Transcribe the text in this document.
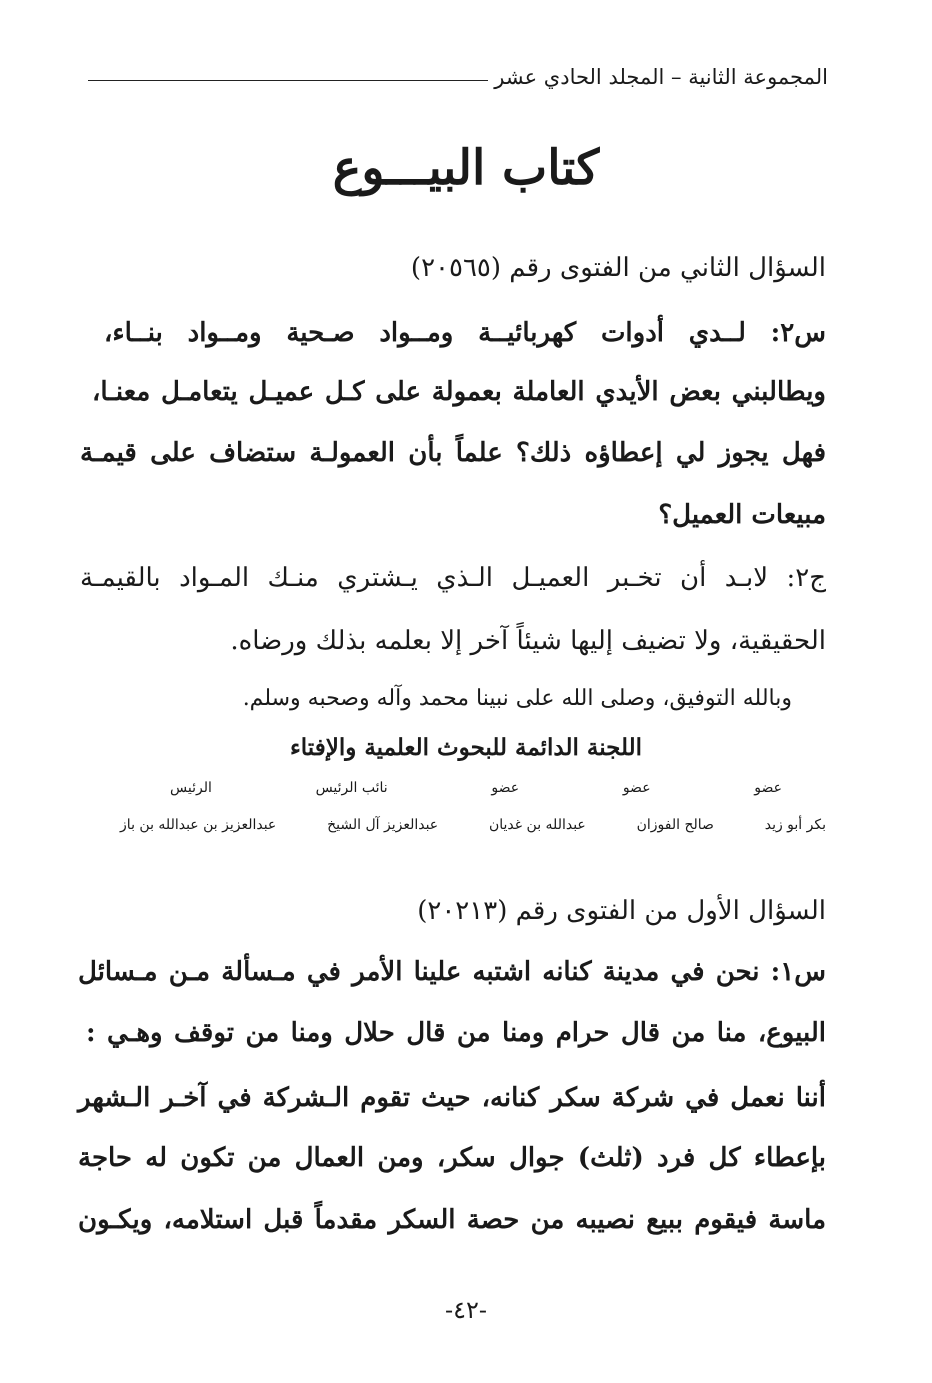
المجموعة الثانية – المجلد الحادي عشر
كتاب البيـــوع
السؤال الثاني من الفتوى رقم (٢٠٥٦٥)
س٢: لــدي أدوات كهربائيــة ومــواد صـحية ومــواد بنــاء،
ويطالبني بعض الأيدي العاملة بعمولة على كـل عميـل يتعامـل معنـا،
فهل يجوز لي إعطاؤه ذلك؟ علماً بأن العمولـة ستضاف على قيمـة
مبيعات العميل؟
ج٢: لابـد أن تخـبر العميـل الـذي يـشتري منـك المـواد بالقيمـة
الحقيقية، ولا تضيف إليها شيئاً آخر إلا بعلمه بذلك ورضاه.
وبالله التوفيق، وصلى الله على نبينا محمد وآله وصحبه وسلم.
اللجنة الدائمة للبحوث العلمية والإفتاء
عضو
عضو
عضو
نائب الرئيس
الرئيس
بكر أبو زيد
صالح الفوزان
عبدالله بن غديان
عبدالعزيز آل الشيخ
عبدالعزيز بن عبدالله بن باز
السؤال الأول من الفتوى رقم (٢٠٢١٣)
س١: نحن في مدينة كنانه اشتبه علينا الأمر في مـسألة مـن مـسائل
البيوع، منا من قال حرام ومنا من قال حلال ومنا من توقف وهـي :
أننا نعمل في شركة سكر كنانه، حيث تقوم الـشركة في آخـر الـشهر
بإعطاء كل فرد (ثلث) جوال سكر، ومن العمال من تكون له حاجة
ماسة فيقوم ببيع نصيبه من حصة السكر مقدماً قبل استلامه، ويكـون
-٤٢-
